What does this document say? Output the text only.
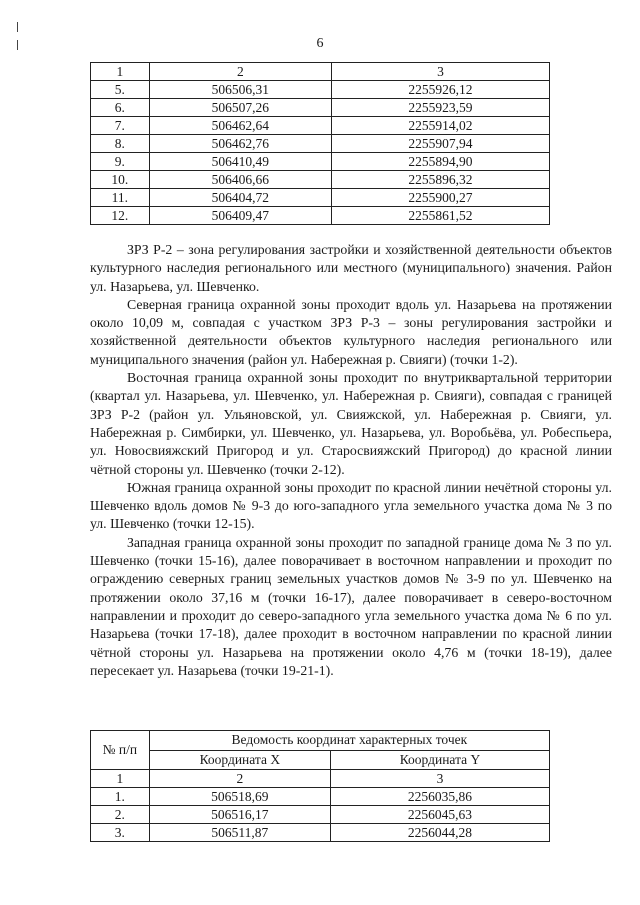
6
1	2	3
5.	506506,31	2255926,12
6.	506507,26	2255923,59
7.	506462,64	2255914,02
8.	506462,76	2255907,94
9.	506410,49	2255894,90
10.	506406,66	2255896,32
11.	506404,72	2255900,27
12.	506409,47	2255861,52

ЗРЗ Р-2 – зона регулирования застройки и хозяйственной деятельности объектов культурного наследия регионального или местного (муниципального) значения. Район ул. Назарьева, ул. Шевченко.

Северная граница охранной зоны проходит вдоль ул. Назарьева на протяжении около 10,09 м, совпадая с участком ЗРЗ Р-3 – зоны регулирования застройки и хозяйственной деятельности объектов культурного наследия регионального или муниципального значения (район ул. Набережная р. Свияги) (точки 1-2).

Восточная граница охранной зоны проходит по внутриквартальной территории (квартал ул. Назарьева, ул. Шевченко, ул. Набережная р. Свияги), совпадая с границей ЗРЗ Р-2 (район ул. Ульяновской, ул. Свияжской, ул. Набережная р. Свияги, ул. Набережная р. Симбирки, ул. Шевченко, ул. Назарьева, ул. Воробьёва, ул. Робеспьера, ул. Новосвияжский Пригород и ул. Старосвияжский Пригород) до красной линии чётной стороны ул. Шевченко (точки 2-12).

Южная граница охранной зоны проходит по красной линии нечётной стороны ул. Шевченко вдоль домов № 9-3 до юго-западного угла земельного участка дома № 3 по ул. Шевченко (точки 12-15).

Западная граница охранной зоны проходит по западной границе дома № 3 по ул. Шевченко (точки 15-16), далее поворачивает в восточном направлении и проходит по ограждению северных границ земельных участков домов № 3-9 по ул. Шевченко на протяжении около 37,16 м (точки 16-17), далее поворачивает в северо-восточном направлении и проходит до северо-западного угла земельного участка дома № 6 по ул. Назарьева (точки 17-18), далее проходит в восточном направлении по красной линии чётной стороны ул. Назарьева на протяжении около 4,76 м (точки 18-19), далее пересекает ул. Назарьева (точки 19-21-1).

№ п/п	Ведомость координат характерных точек	
	Координата X	Координата Y
1	2	3
1.	506518,69	2256035,86
2.	506516,17	2256045,63
3.	506511,87	2256044,28
